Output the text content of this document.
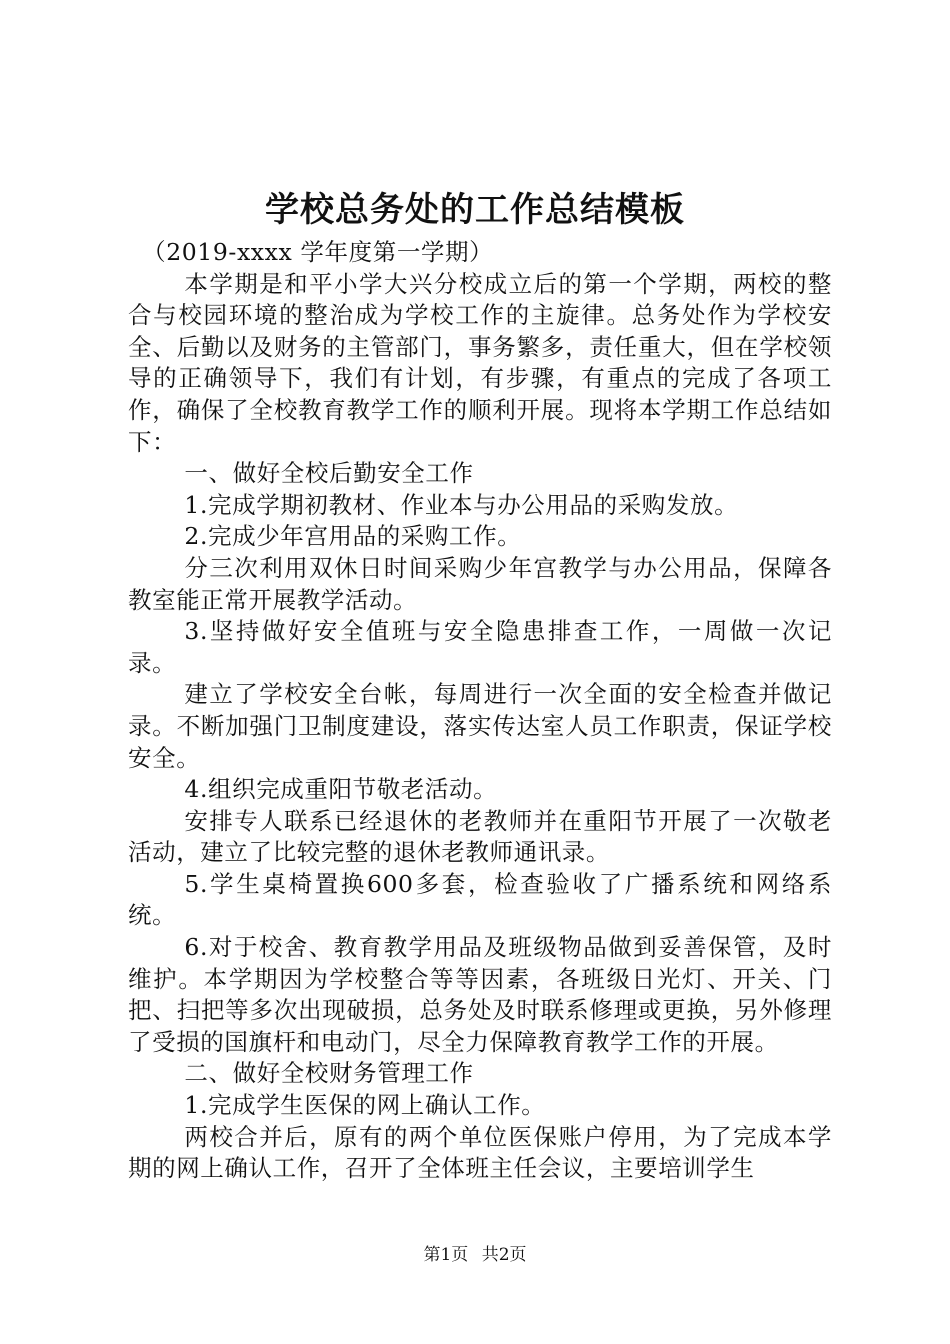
学校总务处的工作总结模板

（2019-xxxx 学年度第一学期）

本学期是和平小学大兴分校成立后的第一个学期，两校的整合与校园环境的整治成为学校工作的主旋律。总务处作为学校安全、后勤以及财务的主管部门，事务繁多，责任重大，但在学校领导的正确领导下，我们有计划，有步骤，有重点的完成了各项工作，确保了全校教育教学工作的顺利开展。现将本学期工作总结如下：

一、做好全校后勤安全工作

1.完成学期初教材、作业本与办公用品的采购发放。

2.完成少年宫用品的采购工作。

分三次利用双休日时间采购少年宫教学与办公用品，保障各教室能正常开展教学活动。

3.坚持做好安全值班与安全隐患排查工作，一周做一次记录。

建立了学校安全台帐，每周进行一次全面的安全检查并做记录。不断加强门卫制度建设，落实传达室人员工作职责，保证学校安全。

4.组织完成重阳节敬老活动。

安排专人联系已经退休的老教师并在重阳节开展了一次敬老活动，建立了比较完整的退休老教师通讯录。

5.学生桌椅置换600多套，检查验收了广播系统和网络系统。

6.对于校舍、教育教学用品及班级物品做到妥善保管，及时维护。本学期因为学校整合等等因素，各班级日光灯、开关、门把、扫把等多次出现破损，总务处及时联系修理或更换，另外修理了受损的国旗杆和电动门，尽全力保障教育教学工作的开展。

二、做好全校财务管理工作

1.完成学生医保的网上确认工作。

两校合并后，原有的两个单位医保账户停用，为了完成本学期的网上确认工作，召开了全体班主任会议，主要培训学生

第1页 共2页
